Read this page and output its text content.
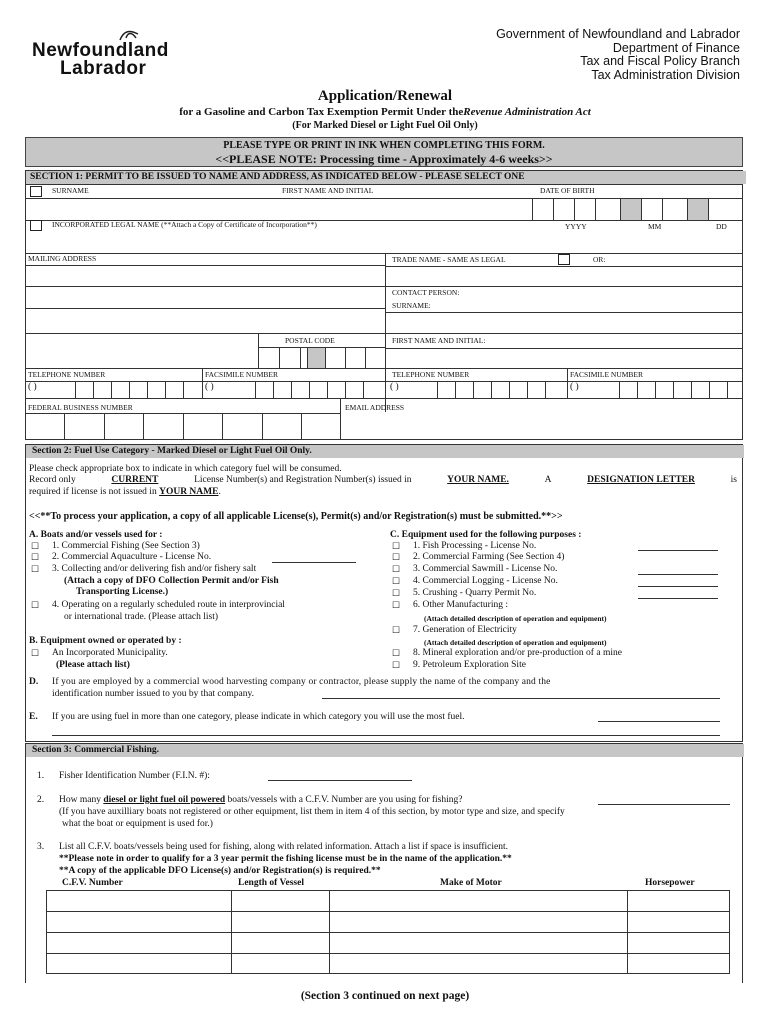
Newfoundland
Labrador
Government of Newfoundland and Labrador
Department of Finance
Tax and Fiscal Policy Branch
Tax Administration Division
Application/Renewal
for a Gasoline and Carbon Tax Exemption Permit Under theRevenue Administration Act
(For Marked Diesel or Light Fuel Oil Only)
PLEASE TYPE OR PRINT IN INK WHEN COMPLETING THIS FORM.
<<PLEASE NOTE: Processing time - Approximately 4-6 weeks>>
SECTION 1: PERMIT TO BE ISSUED TO NAME AND ADDRESS, AS INDICATED BELOW - PLEASE SELECT ONE
SURNAME	FIRST NAME AND INITIAL	DATE OF BIRTH
INCORPORATED LEGAL NAME (**Attach a Copy of Certificate of Incorporation**)	YYYY	MM	DD
MAILING ADDRESS	TRADE NAME - SAME AS LEGAL	OR:
CONTACT PERSON:
SURNAME:
POSTAL CODE	FIRST NAME AND INITIAL:
TELEPHONE NUMBER	FACSIMILE NUMBER	TELEPHONE NUMBER	FACSIMILE NUMBER
( )	( )	( )	( )
FEDERAL BUSINESS NUMBER	EMAIL ADDRESS
Section 2: Fuel Use Category - Marked Diesel or Light Fuel Oil Only.
Please check appropriate box to indicate in which category fuel will be consumed.
Record only	CURRENT	License Number(s) and Registration Number(s) issued in	YOUR NAME.	A	DESIGNATION LETTER	is
required if license is not issued in YOUR NAME.
<<**To process your application, a copy of all applicable License(s), Permit(s) and/or Registration(s) must be submitted.**>>
A. Boats and/or vessels used for :
☐ 1. Commercial Fishing (See Section 3)
☐ 2. Commercial Aquaculture - License No.
☐ 3. Collecting and/or delivering fish and/or fishery salt
(Attach a copy of DFO Collection Permit and/or Fish
Transporting License.)
☐ 4. Operating on a regularly scheduled route in interprovincial
or international trade. (Please attach list)
B. Equipment owned or operated by :
☐ An Incorporated Municipality.
(Please attach list)
C. Equipment used for the following purposes :
☐ 1. Fish Processing - License No.
☐ 2. Commercial Farming (See Section 4)
☐ 3. Commercial Sawmill - License No.
☐ 4. Commercial Logging - License No.
☐ 5. Crushing - Quarry Permit No.
☐ 6. Other Manufacturing :
(Attach detailed description of operation and equipment)
☐ 7. Generation of Electricity
(Attach detailed description of operation and equipment)
☐ 8. Mineral exploration and/or pre-production of a mine
☐ 9. Petroleum Exploration Site
D. If you are employed by a commercial wood harvesting company or contractor, please supply the name of the company and the
identification number issued to you by that company.
E. If you are using fuel in more than one category, please indicate in which category you will use the most fuel.
Section 3: Commercial Fishing.
1. Fisher Identification Number (F.I.N. #):
2. How many diesel or light fuel oil powered boats/vessels with a C.F.V. Number are you using for fishing?
(If you have auxilliary boats not registered or other equipment, list them in item 4 of this section, by motor type and size, and specify
what the boat or equipment is used for.)
3. List all C.F.V. boats/vessels being used for fishing, along with related information. Attach a list if space is insufficient.
**Please note in order to qualify for a 3 year permit the fishing license must be in the name of the application.**
**A copy of the applicable DFO License(s) and/or Registration(s) is required.**
C.F.V. Number	Length of Vessel	Make of Motor	Horsepower
(Section 3 continued on next page)
